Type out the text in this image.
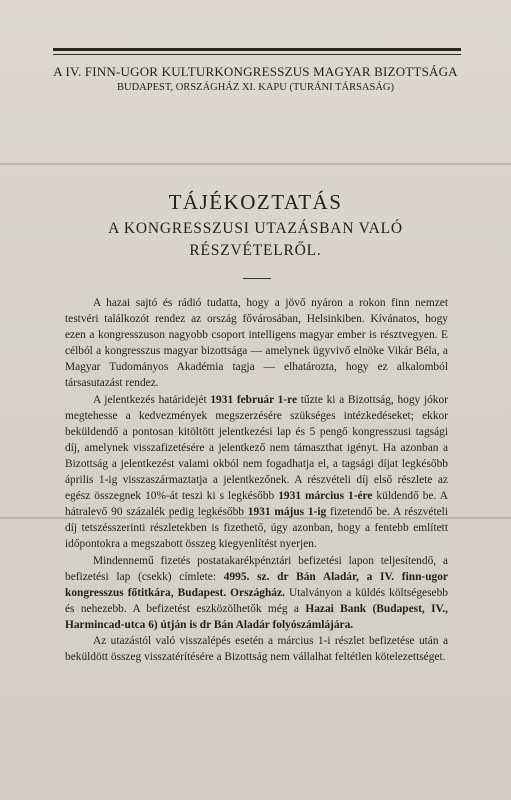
A IV. FINN-UGOR KULTURKONGRESSZUS MAGYAR BIZOTTSÁGA
BUDAPEST, ORSZÁGHÁZ XI. KAPU (TURÁNI TÁRSASÁG)
TÁJÉKOZTATÁS
A KONGRESSZUSI UTAZÁSBAN VALÓ
RÉSZVÉTELRŐL.

A hazai sajtó és rádió tudatta, hogy a jövő nyáron a rokon finn nemzet testvéri találkozót rendez az ország fővárosában, Helsinkiben. Kívánatos, hogy ezen a kongresszuson nagyobb csoport intelligens magyar ember is résztvegyen. E célból a kongresszus magyar bizottsága — amelynek ügyvivő elnöke Vikár Béla, a Magyar Tudományos Akadémia tagja — elhatározta, hogy ez alkalomból társasutazást rendez.

A jelentkezés határidejét 1931 február 1-re tűzte ki a Bizottság, hogy jókor megtehesse a kedvezmények megszerzésére szükséges intézkedéseket; ekkor beküldendő a pontosan kitöltött jelentkezési lap és 5 pengő kongresszusi tagsági díj, amelynek visszafizetésére a jelentkező nem támaszthat igényt. Ha azonban a Bizottság a jelentkezést valami okból nem fogadhatja el, a tagsági díjat legkésőbb április 1-ig visszaszármaztatja a jelentkezőnek. A részvételi díj első részlete az egész összegnek 10%-át teszi ki s legkésőbb 1931 március 1-ére küldendő be. A hátralevő 90 százalék pedig legkésőbb 1931 május 1-ig fizetendő be. A részvételi díj tetszésszerinti részletekben is fizethető, úgy azonban, hogy a fentebb említett időpontokra a megszabott összeg kiegyenlítést nyerjen.

Mindennemű fizetés postatakarékpénztári befizetési lapon teljesítendő, a befizetési lap (csekk) címlete: 4995. sz. dr Bán Aladár, a IV. finn-ugor kongresszus főtitkára, Budapest. Országház. Utalványon a küldés költségesebb és nehezebb. A befizetést eszközölhetők még a Hazai Bank (Budapest, IV., Harmincad-utca 6) útján is dr Bán Aladár folyószámlájára.

Az utazástól való visszalépés esetén a március 1-i részlet befizetése után a beküldött összeg visszatérítésére a Bizottság nem vállalhat feltétlen kötelezettséget.
